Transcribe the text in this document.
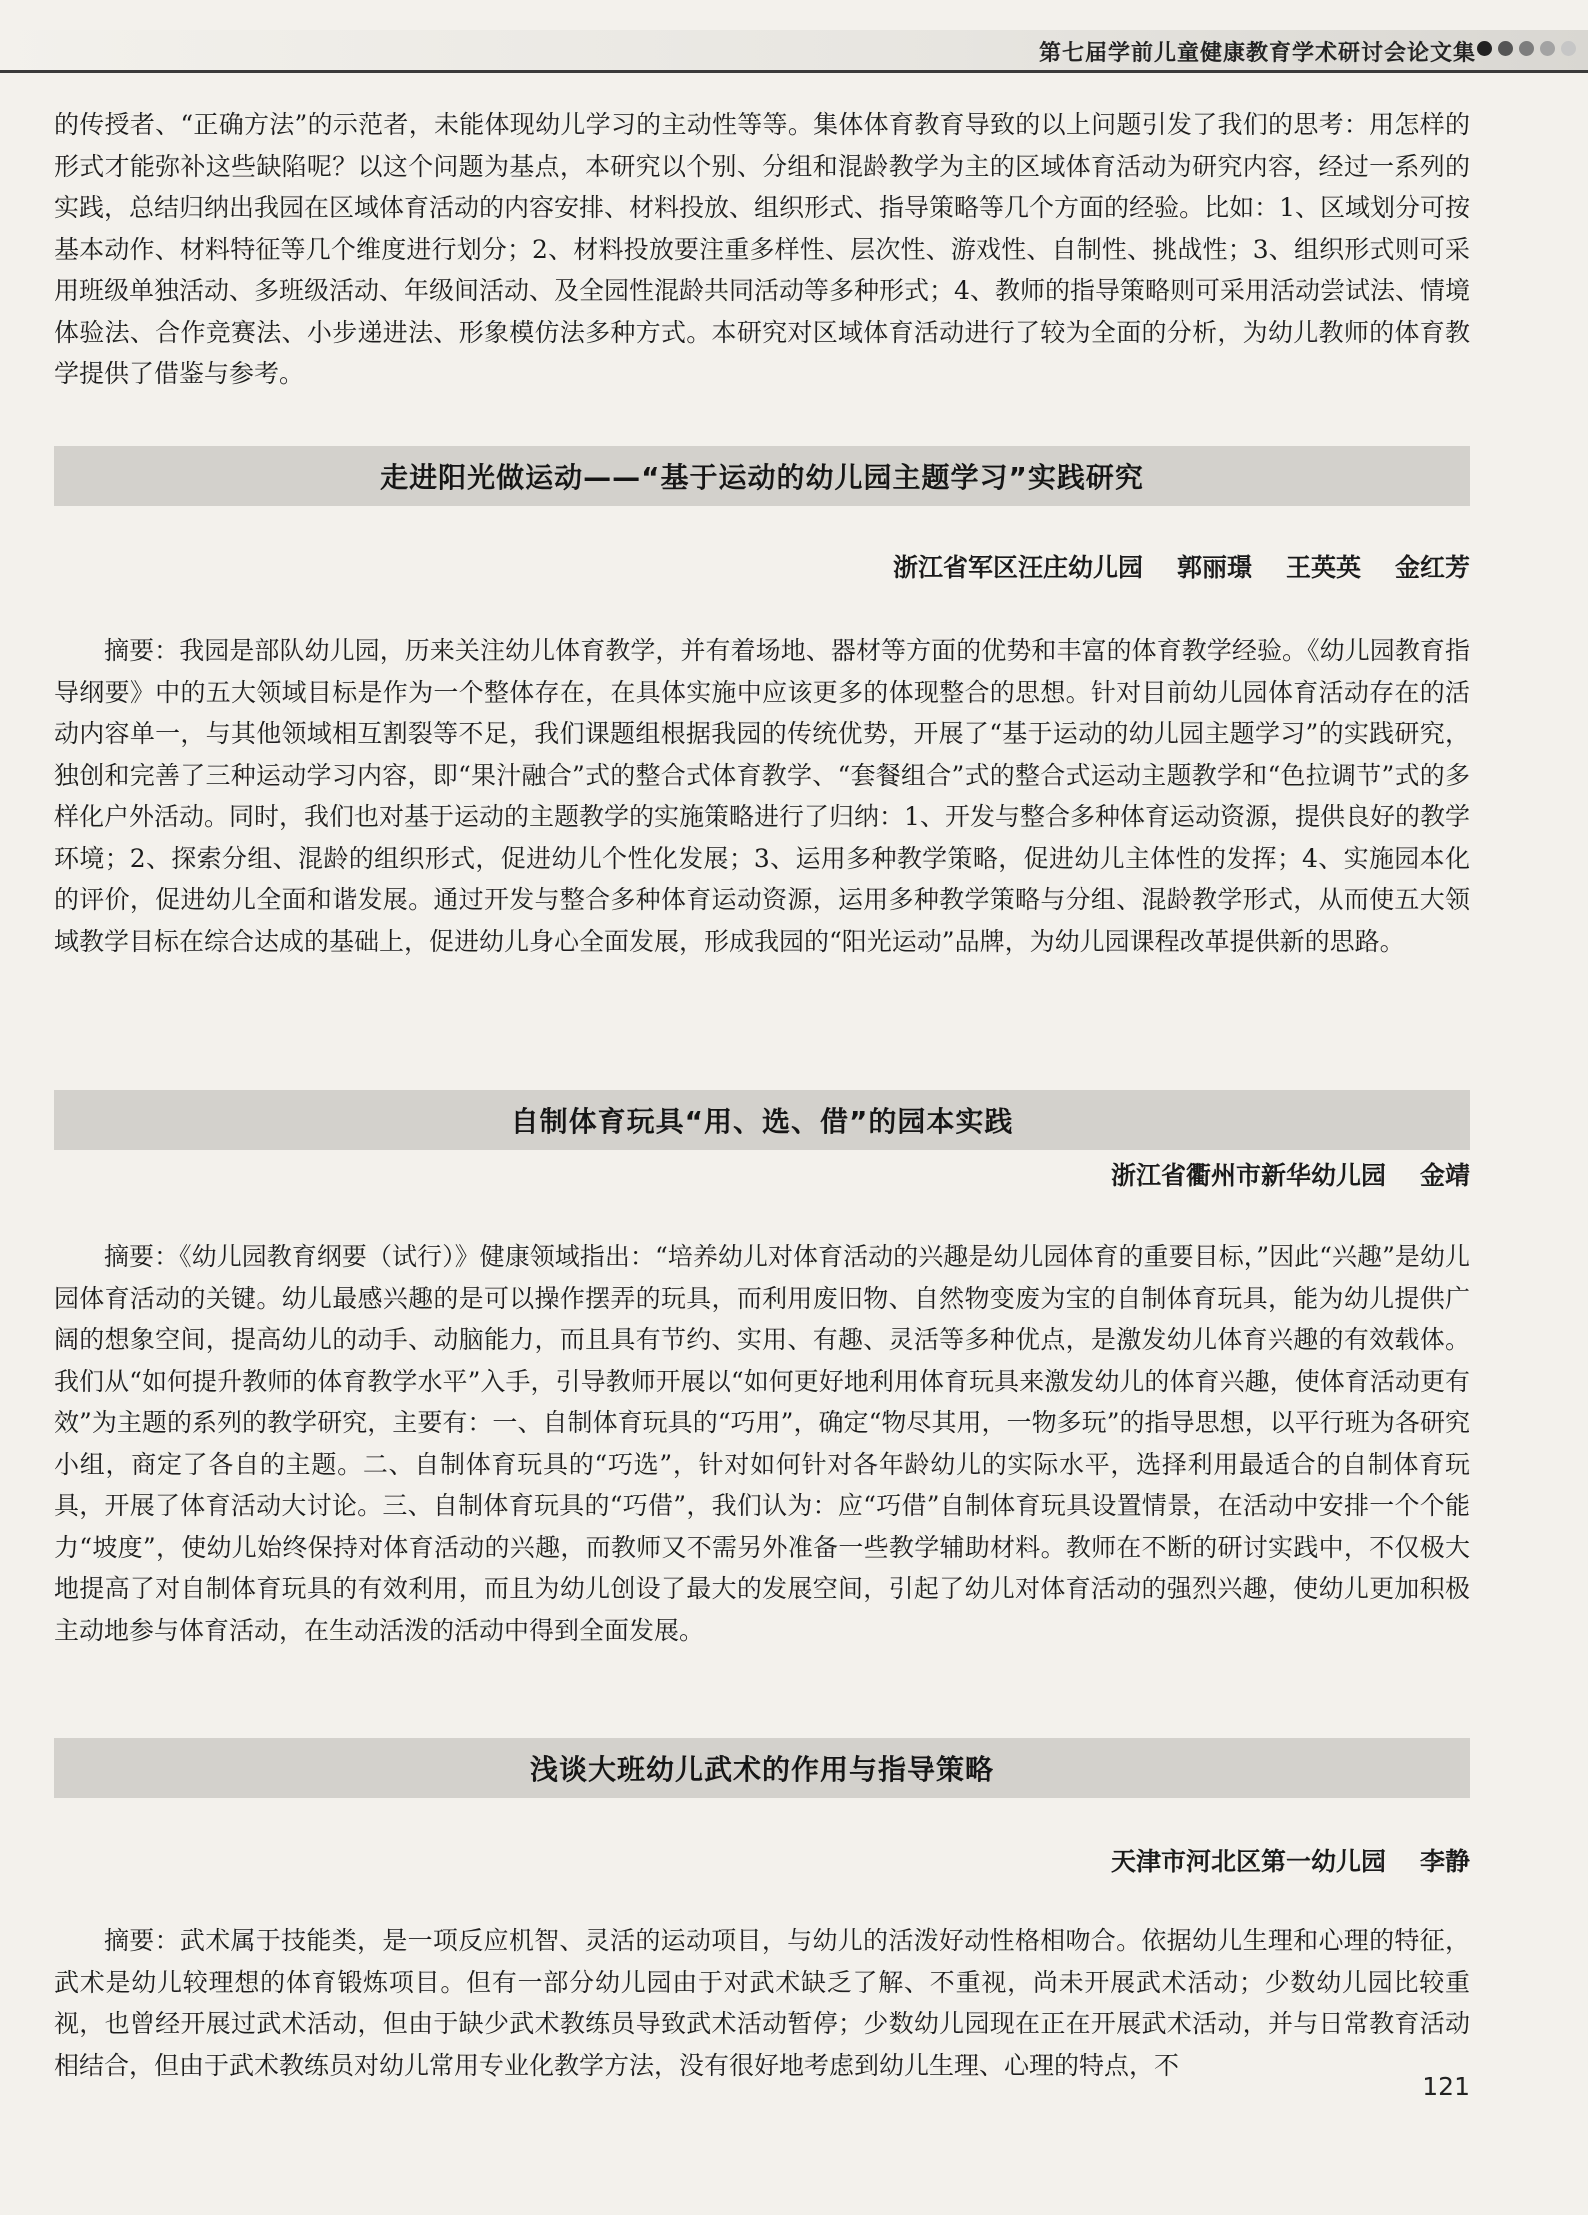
第七届学前儿童健康教育学术研讨会论文集

的传授者、“正确方法”的示范者，未能体现幼儿学习的主动性等等。集体体育教育导致的以上问题引发了我们的思考：用怎样的形式才能弥补这些缺陷呢？以这个问题为基点，本研究以个别、分组和混龄教学为主的区域体育活动为研究内容，经过一系列的实践，总结归纳出我园在区域体育活动的内容安排、材料投放、组织形式、指导策略等几个方面的经验。比如：1、区域划分可按基本动作、材料特征等几个维度进行划分；2、材料投放要注重多样性、层次性、游戏性、自制性、挑战性；3、组织形式则可采用班级单独活动、多班级活动、年级间活动、及全园性混龄共同活动等多种形式；4、教师的指导策略则可采用活动尝试法、情境体验法、合作竞赛法、小步递进法、形象模仿法多种方式。本研究对区域体育活动进行了较为全面的分析，为幼儿教师的体育教学提供了借鉴与参考。

走进阳光做运动——“基于运动的幼儿园主题学习”实践研究
浙江省军区汪庄幼儿园 郭丽璟 王英英 金红芳

摘要：我园是部队幼儿园，历来关注幼儿体育教学，并有着场地、器材等方面的优势和丰富的体育教学经验。《幼儿园教育指导纲要》中的五大领域目标是作为一个整体存在，在具体实施中应该更多的体现整合的思想。针对目前幼儿园体育活动存在的活动内容单一，与其他领域相互割裂等不足，我们课题组根据我园的传统优势，开展了“基于运动的幼儿园主题学习”的实践研究，独创和完善了三种运动学习内容，即“果汁融合”式的整合式体育教学、“套餐组合”式的整合式运动主题教学和“色拉调节”式的多样化户外活动。同时，我们也对基于运动的主题教学的实施策略进行了归纳：1、开发与整合多种体育运动资源，提供良好的教学环境；2、探索分组、混龄的组织形式，促进幼儿个性化发展；3、运用多种教学策略，促进幼儿主体性的发挥；4、实施园本化的评价，促进幼儿全面和谐发展。通过开发与整合多种体育运动资源，运用多种教学策略与分组、混龄教学形式，从而使五大领域教学目标在综合达成的基础上，促进幼儿身心全面发展，形成我园的“阳光运动”品牌，为幼儿园课程改革提供新的思路。

自制体育玩具“用、选、借”的园本实践
浙江省衢州市新华幼儿园 金靖

摘要：《幼儿园教育纲要（试行）》健康领域指出：“培养幼儿对体育活动的兴趣是幼儿园体育的重要目标，”因此“兴趣”是幼儿园体育活动的关键。幼儿最感兴趣的是可以操作摆弄的玩具，而利用废旧物、自然物变废为宝的自制体育玩具，能为幼儿提供广阔的想象空间，提高幼儿的动手、动脑能力，而且具有节约、实用、有趣、灵活等多种优点，是激发幼儿体育兴趣的有效载体。我们从“如何提升教师的体育教学水平”入手，引导教师开展以“如何更好地利用体育玩具来激发幼儿的体育兴趣，使体育活动更有效”为主题的系列的教学研究，主要有：一、自制体育玩具的“巧用”，确定“物尽其用，一物多玩”的指导思想，以平行班为各研究小组，商定了各自的主题。二、自制体育玩具的“巧选”，针对如何针对各年龄幼儿的实际水平，选择利用最适合的自制体育玩具，开展了体育活动大讨论。三、自制体育玩具的“巧借”，我们认为：应“巧借”自制体育玩具设置情景，在活动中安排一个个能力“坡度”，使幼儿始终保持对体育活动的兴趣，而教师又不需另外准备一些教学辅助材料。教师在不断的研讨实践中，不仅极大地提高了对自制体育玩具的有效利用，而且为幼儿创设了最大的发展空间，引起了幼儿对体育活动的强烈兴趣，使幼儿更加积极主动地参与体育活动，在生动活泼的活动中得到全面发展。

浅谈大班幼儿武术的作用与指导策略
天津市河北区第一幼儿园 李静

摘要：武术属于技能类，是一项反应机智、灵活的运动项目，与幼儿的活泼好动性格相吻合。依据幼儿生理和心理的特征，武术是幼儿较理想的体育锻炼项目。但有一部分幼儿园由于对武术缺乏了解、不重视，尚未开展武术活动；少数幼儿园比较重视，也曾经开展过武术活动，但由于缺少武术教练员导致武术活动暂停；少数幼儿园现在正在开展武术活动，并与日常教育活动相结合，但由于武术教练员对幼儿常用专业化教学方法，没有很好地考虑到幼儿生理、心理的特点，不

121
